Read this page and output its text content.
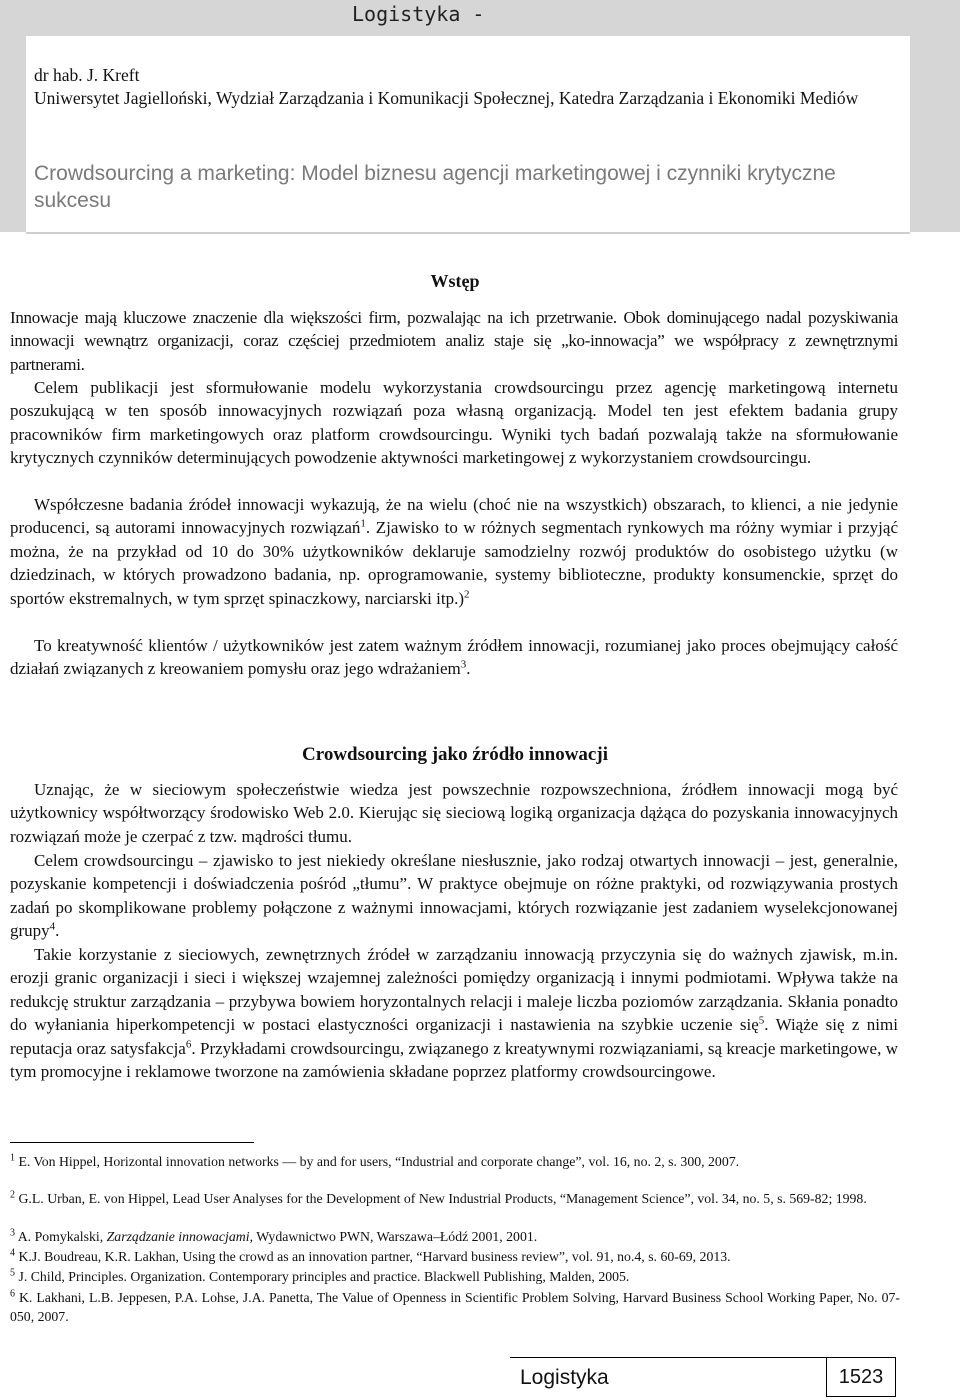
Logistyka -
dr hab. J. Kreft
Uniwersytet Jagielloński, Wydział Zarządzania i Komunikacji Społecznej, Katedra Zarządzania i Ekonomiki Mediów
Crowdsourcing a marketing: Model biznesu agencji marketingowej i czynniki krytyczne sukcesu
Wstęp

Innowacje mają kluczowe znaczenie dla większości firm, pozwalając na ich przetrwanie. Obok dominującego nadal pozyskiwania innowacji wewnątrz organizacji, coraz częściej przedmiotem analiz staje się „ko-innowacja” we współpracy z zewnętrznymi partnerami.

Celem publikacji jest sformułowanie modelu wykorzystania crowdsourcingu przez agencję marketingową internetu poszukującą w ten sposób innowacyjnych rozwiązań poza własną organizacją. Model ten jest efektem badania grupy pracowników firm marketingowych oraz platform crowdsourcingu. Wyniki tych badań pozwalają także na sformułowanie krytycznych czynników determinujących powodzenie aktywności marketingowej z wykorzystaniem crowdsourcingu.

Współczesne badania źródeł innowacji wykazują, że na wielu (choć nie na wszystkich) obszarach, to klienci, a nie jedynie producenci, są autorami innowacyjnych rozwiązań$^1$. Zjawisko to w różnych segmentach rynkowych ma różny wymiar i przyjąć można, że na przykład od 10 do 30% użytkowników deklaruje samodzielny rozwój produktów do osobistego użytku (w dziedzinach, w których prowadzono badania, np. oprogramowanie, systemy biblioteczne, produkty konsumenckie, sprzęt do sportów ekstremalnych, w tym sprzęt spinaczkowy, narciarski itp.)$^2$

To kreatywność klientów / użytkowników jest zatem ważnym źródłem innowacji, rozumianej jako proces obejmujący całość działań związanych z kreowaniem pomysłu oraz jego wdrażaniem$^3$.

Crowdsourcing jako źródło innowacji

Uznając, że w sieciowym społeczeństwie wiedza jest powszechnie rozpowszechniona, źródłem innowacji mogą być użytkownicy współtworzący środowisko Web 2.0. Kierując się sieciową logiką organizacja dążąca do pozyskania innowacyjnych rozwiązań może je czerpać z tzw. mądrości tłumu.

Celem crowdsourcingu – zjawisko to jest niekiedy określane niesłusznie, jako rodzaj otwartych innowacji – jest, generalnie, pozyskanie kompetencji i doświadczenia pośród „tłumu”. W praktyce obejmuje on różne praktyki, od rozwiązywania prostych zadań po skomplikowane problemy połączone z ważnymi innowacjami, których rozwiązanie jest zadaniem wyselekcjonowanej grupy$^4$.

Takie korzystanie z sieciowych, zewnętrznych źródeł w zarządzaniu innowacją przyczynia się do ważnych zjawisk, m.in. erozji granic organizacji i sieci i większej wzajemnej zależności pomiędzy organizacją i innymi podmiotami. Wpływa także na redukcję struktur zarządzania – przybywa bowiem horyzontalnych relacji i maleje liczba poziomów zarządzania. Skłania ponadto do wyłaniania hiperkompetencji w postaci elastyczności organizacji i nastawienia na szybkie uczenie się$^5$. Wiąże się z nimi reputacja oraz satysfakcja$^6$. Przykładami crowdsourcingu, związanego z kreatywnymi rozwiązaniami, są kreacje marketingowe, w tym promocyjne i reklamowe tworzone na zamówienia składane poprzez platformy crowdsourcingowe.

$^1$ E. Von Hippel, Horizontal innovation networks — by and for users, “Industrial and corporate change”, vol. 16, no. 2, s. 300, 2007.

$^2$ G.L. Urban, E. von Hippel, Lead User Analyses for the Development of New Industrial Products, “Management Science”, vol. 34, no. 5, s. 569-82; 1998.

$^3$ A. Pomykalski, Zarządzanie innowacjami, Wydawnictwo PWN, Warszawa–Łódź 2001, 2001.

$^4$ K.J. Boudreau, K.R. Lakhan, Using the crowd as an innovation partner, “Harvard business review”, vol. 91, no.4, s. 60-69, 2013.

$^5$ J. Child, Principles. Organization. Contemporary principles and practice. Blackwell Publishing, Malden, 2005.

$^6$ K. Lakhani, L.B. Jeppesen, P.A. Lohse, J.A. Panetta, The Value of Openness in Scientific Problem Solving, Harvard Business School Working Paper, No. 07-050, 2007.

Logistyka	1523
